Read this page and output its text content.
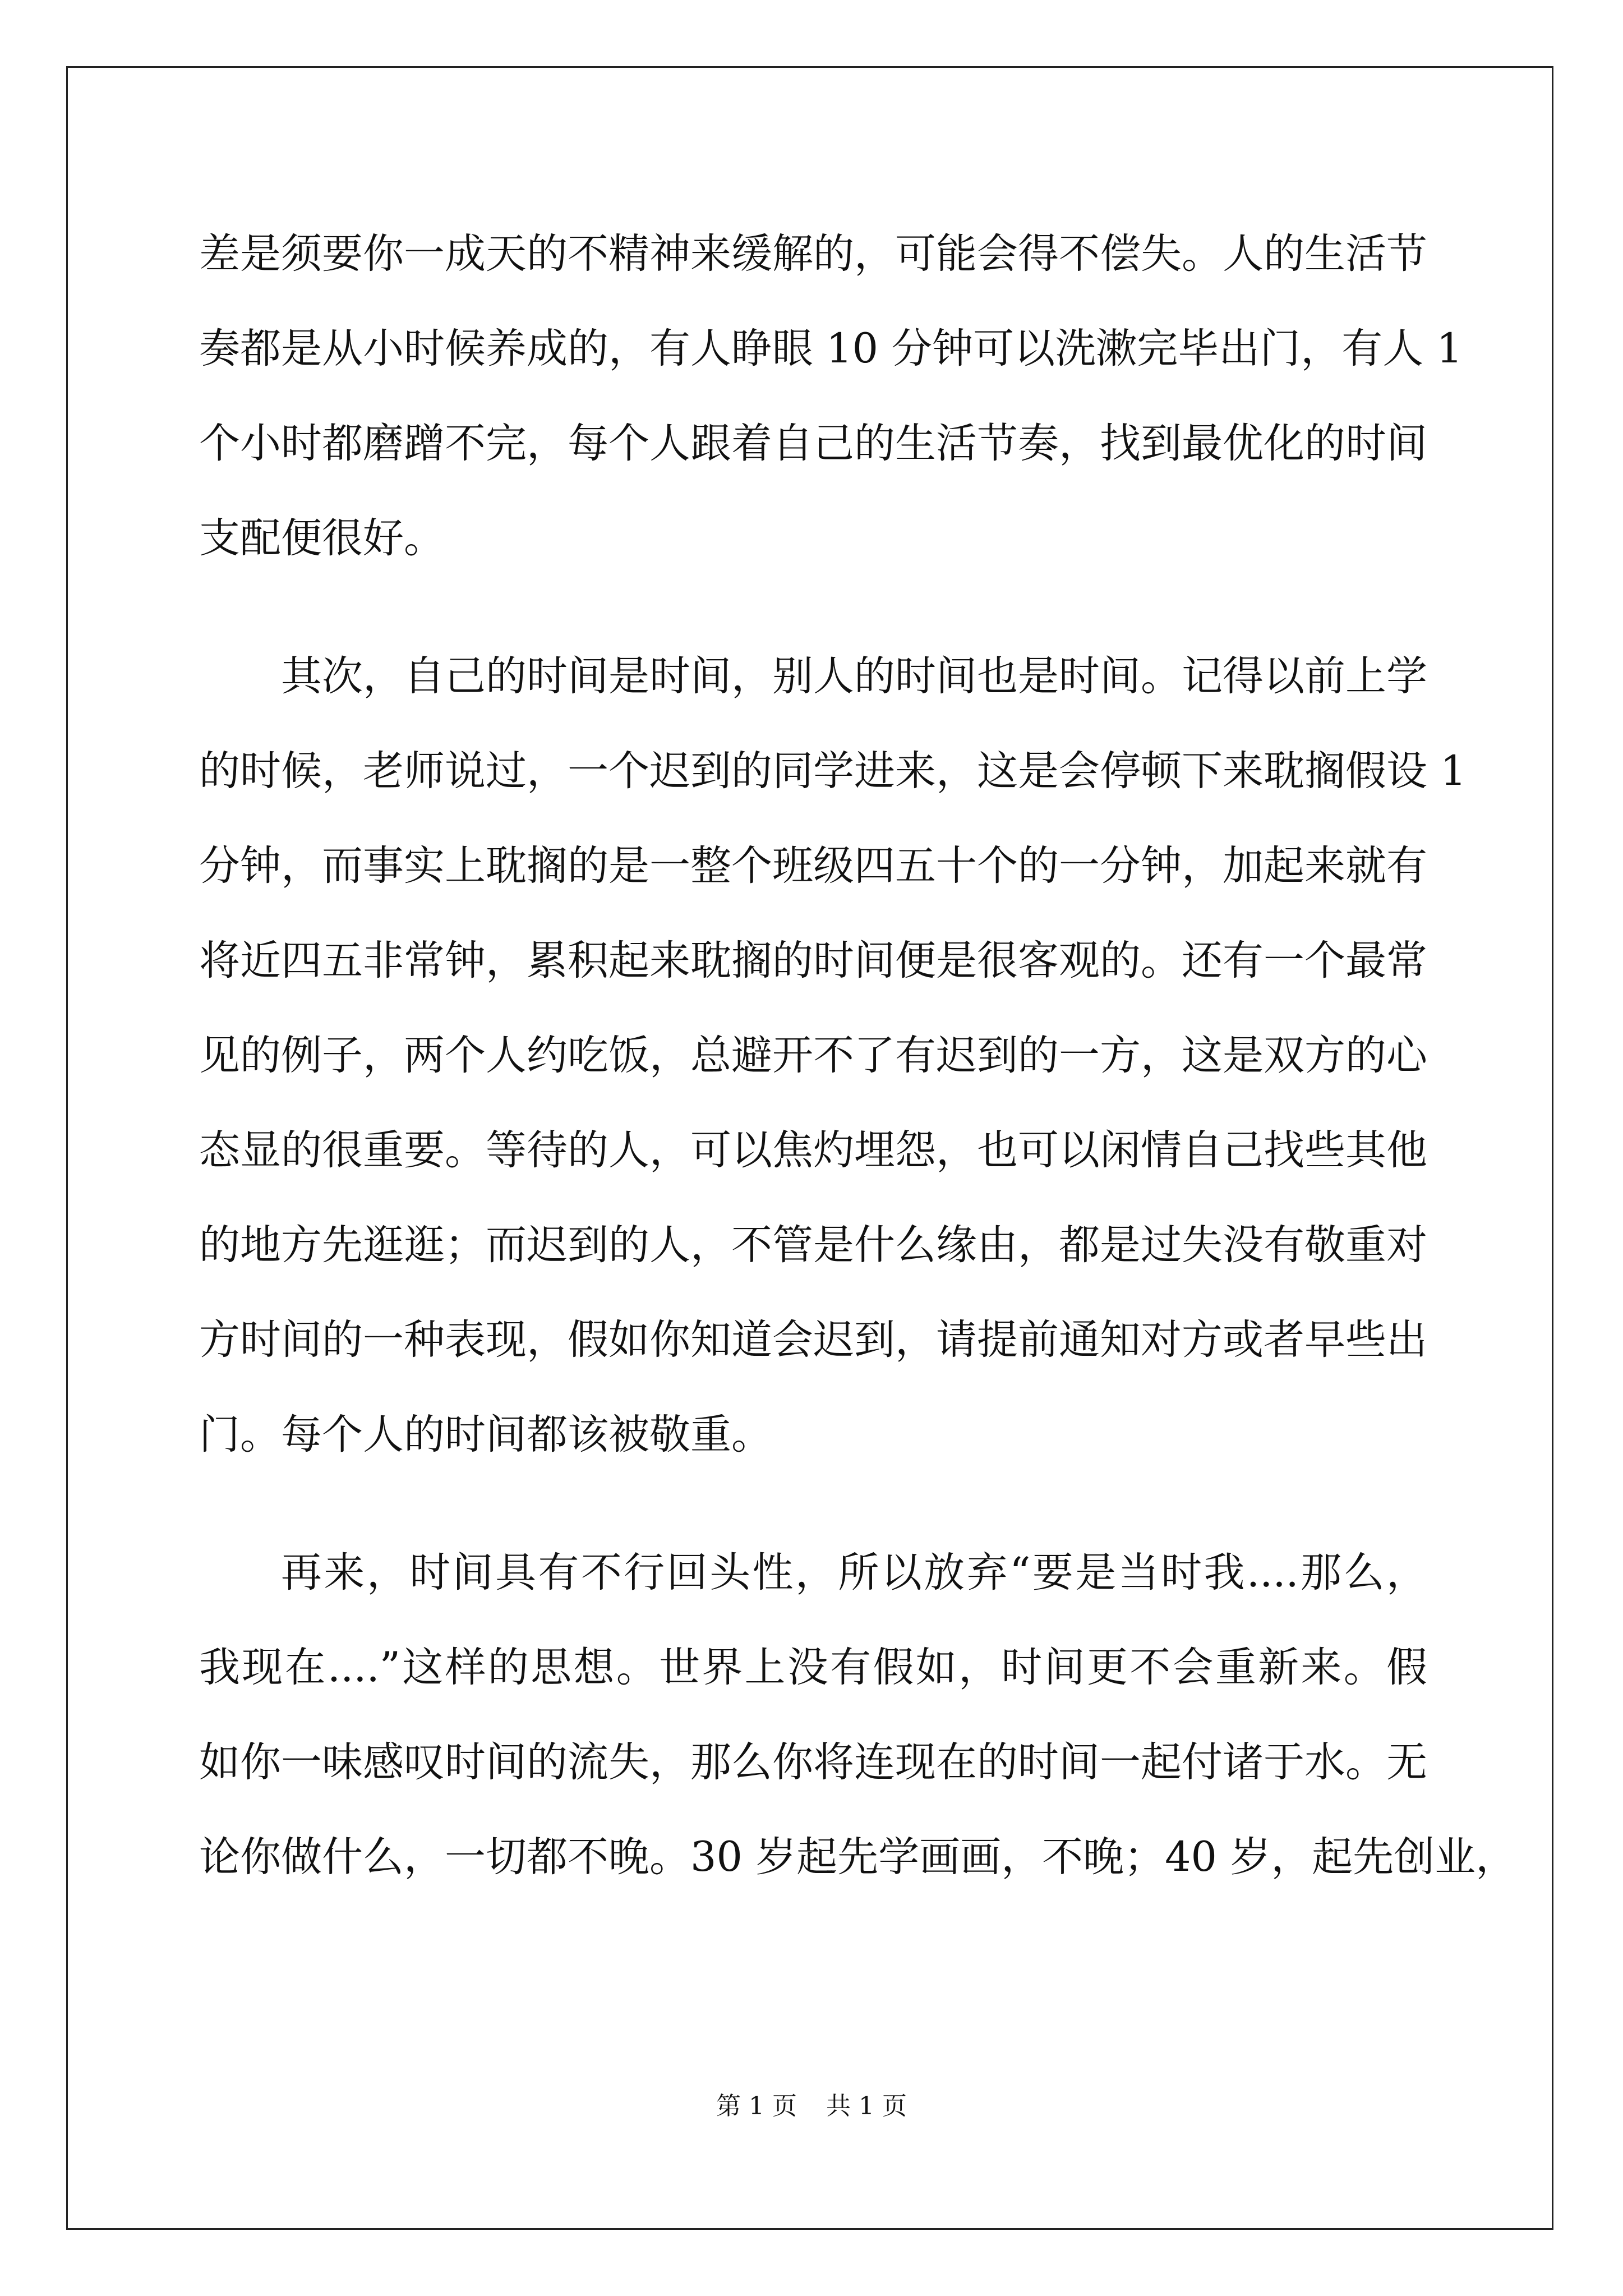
差是须要你一成天的不精神来缓解的，可能会得不偿失。人的生活节
奏都是从小时候养成的，有人睁眼 10 分钟可以洗漱完毕出门，有人 1
个小时都磨蹭不完，每个人跟着自己的生活节奏，找到最优化的时间
支配便很好。
其次，自己的时间是时间，别人的时间也是时间。记得以前上学
的时候，老师说过，一个迟到的同学进来，这是会停顿下来耽搁假设 1
分钟，而事实上耽搁的是一整个班级四五十个的一分钟，加起来就有
将近四五非常钟，累积起来耽搁的时间便是很客观的。还有一个最常
见的例子，两个人约吃饭，总避开不了有迟到的一方，这是双方的心
态显的很重要。等待的人，可以焦灼埋怨，也可以闲情自己找些其他
的地方先逛逛；而迟到的人，不管是什么缘由，都是过失没有敬重对
方时间的一种表现，假如你知道会迟到，请提前通知对方或者早些出
门。每个人的时间都该被敬重。
再来，时间具有不行回头性，所以放弃“要是当时我....那么，
我现在....”这样的思想。世界上没有假如，时间更不会重新来。假
如你一味感叹时间的流失，那么你将连现在的时间一起付诸于水。无
论你做什么，一切都不晚。30 岁起先学画画，不晚；40 岁，起先创业，
第 1 页 共 1 页
